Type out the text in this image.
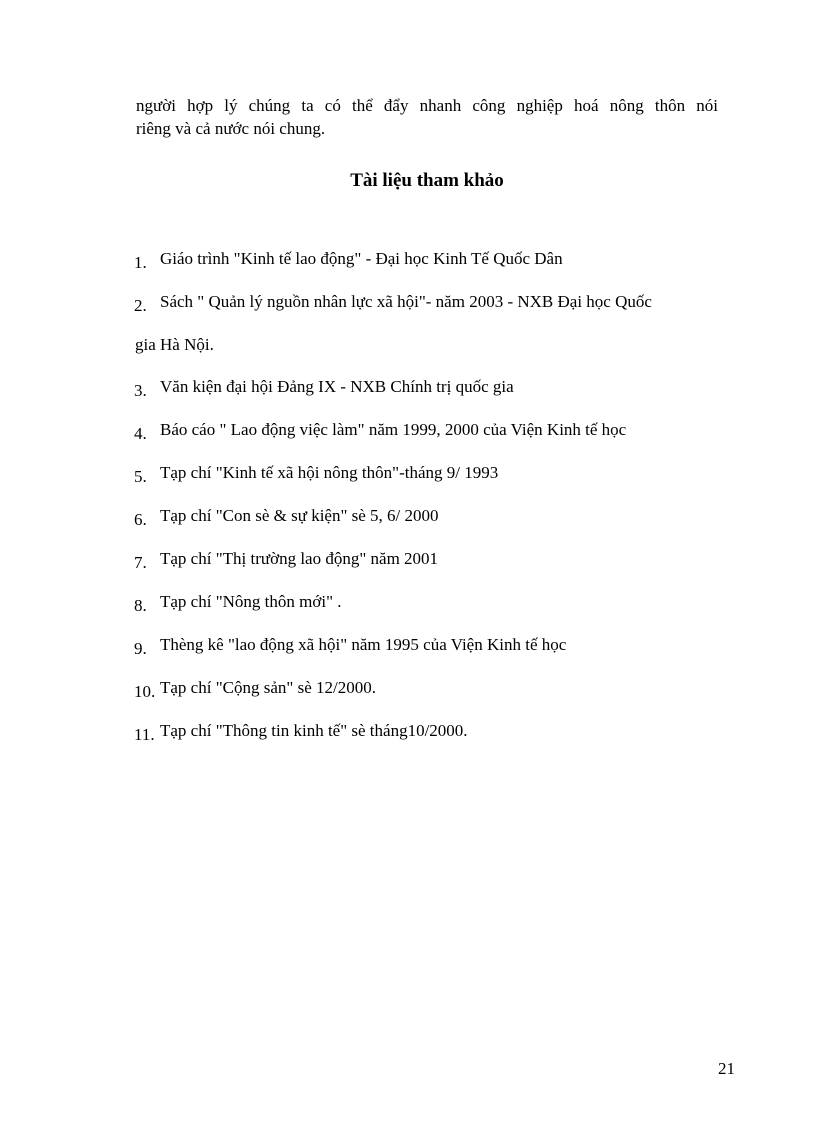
người hợp lý chúng ta có thể đẩy nhanh công nghiệp hoá nông thôn nói
riêng và cả nước nói chung.

Tài liệu tham khảo
1. Giáo trình "Kinh tế lao động" - Đại học Kinh Tế Quốc Dân
2. Sách " Quản lý nguồn nhân lực xã hội"- năm 2003 - NXB Đại học Quốc
gia Hà Nội.
3. Văn kiện đại hội Đảng IX - NXB Chính trị quốc gia
4. Báo cáo " Lao động việc làm" năm 1999, 2000 của Viện Kinh tế học
5. Tạp chí "Kinh tế xã hội nông thôn"-tháng 9/ 1993
6. Tạp chí "Con sè & sự kiện" sè 5, 6/ 2000
7. Tạp chí "Thị trường lao động" năm 2001
8. Tạp chí "Nông thôn mới" .
9. Thèng kê "lao động xã hội" năm 1995 của Viện Kinh tế học
10. Tạp chí "Cộng sản" sè 12/2000.
11. Tạp chí "Thông tin kinh tế" sè tháng10/2000.
21
